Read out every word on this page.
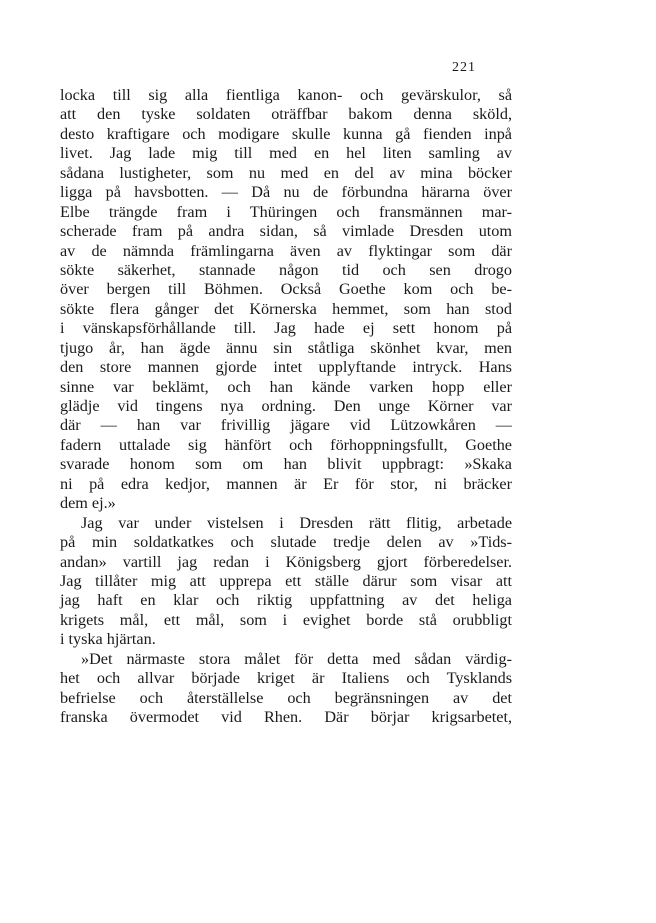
221
locka till sig alla fientliga kanon- och gevärskulor, så
att den tyske soldaten oträffbar bakom denna sköld,
desto kraftigare och modigare skulle kunna gå fienden inpå
livet. Jag lade mig till med en hel liten samling av
sådana lustigheter, som nu med en del av mina böcker
ligga på havsbotten. — Då nu de förbundna härarna över
Elbe trängde fram i Thüringen och fransmännen mar-
scherade fram på andra sidan, så vimlade Dresden utom
av de nämnda främlingarna även av flyktingar som där
sökte säkerhet, stannade någon tid och sen drogo
över bergen till Böhmen. Också Goethe kom och be-
sökte flera gånger det Körnerska hemmet, som han stod
i vänskapsförhållande till. Jag hade ej sett honom på
tjugo år, han ägde ännu sin ståtliga skönhet kvar, men
den store mannen gjorde intet upplyftande intryck. Hans
sinne var beklämt, och han kände varken hopp eller
glädje vid tingens nya ordning. Den unge Körner var
där — han var frivillig jägare vid Lützowkåren —
fadern uttalade sig hänfört och förhoppningsfullt, Goethe
svarade honom som om han blivit uppbragt: »Skaka
ni på edra kedjor, mannen är Er för stor, ni bräcker
dem ej.»
Jag var under vistelsen i Dresden rätt flitig, arbetade
på min soldatkatkes och slutade tredje delen av »Tids-
andan» vartill jag redan i Königsberg gjort förberedelser.
Jag tillåter mig att upprepa ett ställe därur som visar att
jag haft en klar och riktig uppfattning av det heliga
krigets mål, ett mål, som i evighet borde stå orubbligt
i tyska hjärtan.
»Det närmaste stora målet för detta med sådan värdig-
het och allvar började kriget är Italiens och Tysklands
befrielse och återställelse och begränsningen av det
franska övermodet vid Rhen. Där börjar krigsarbetet,
